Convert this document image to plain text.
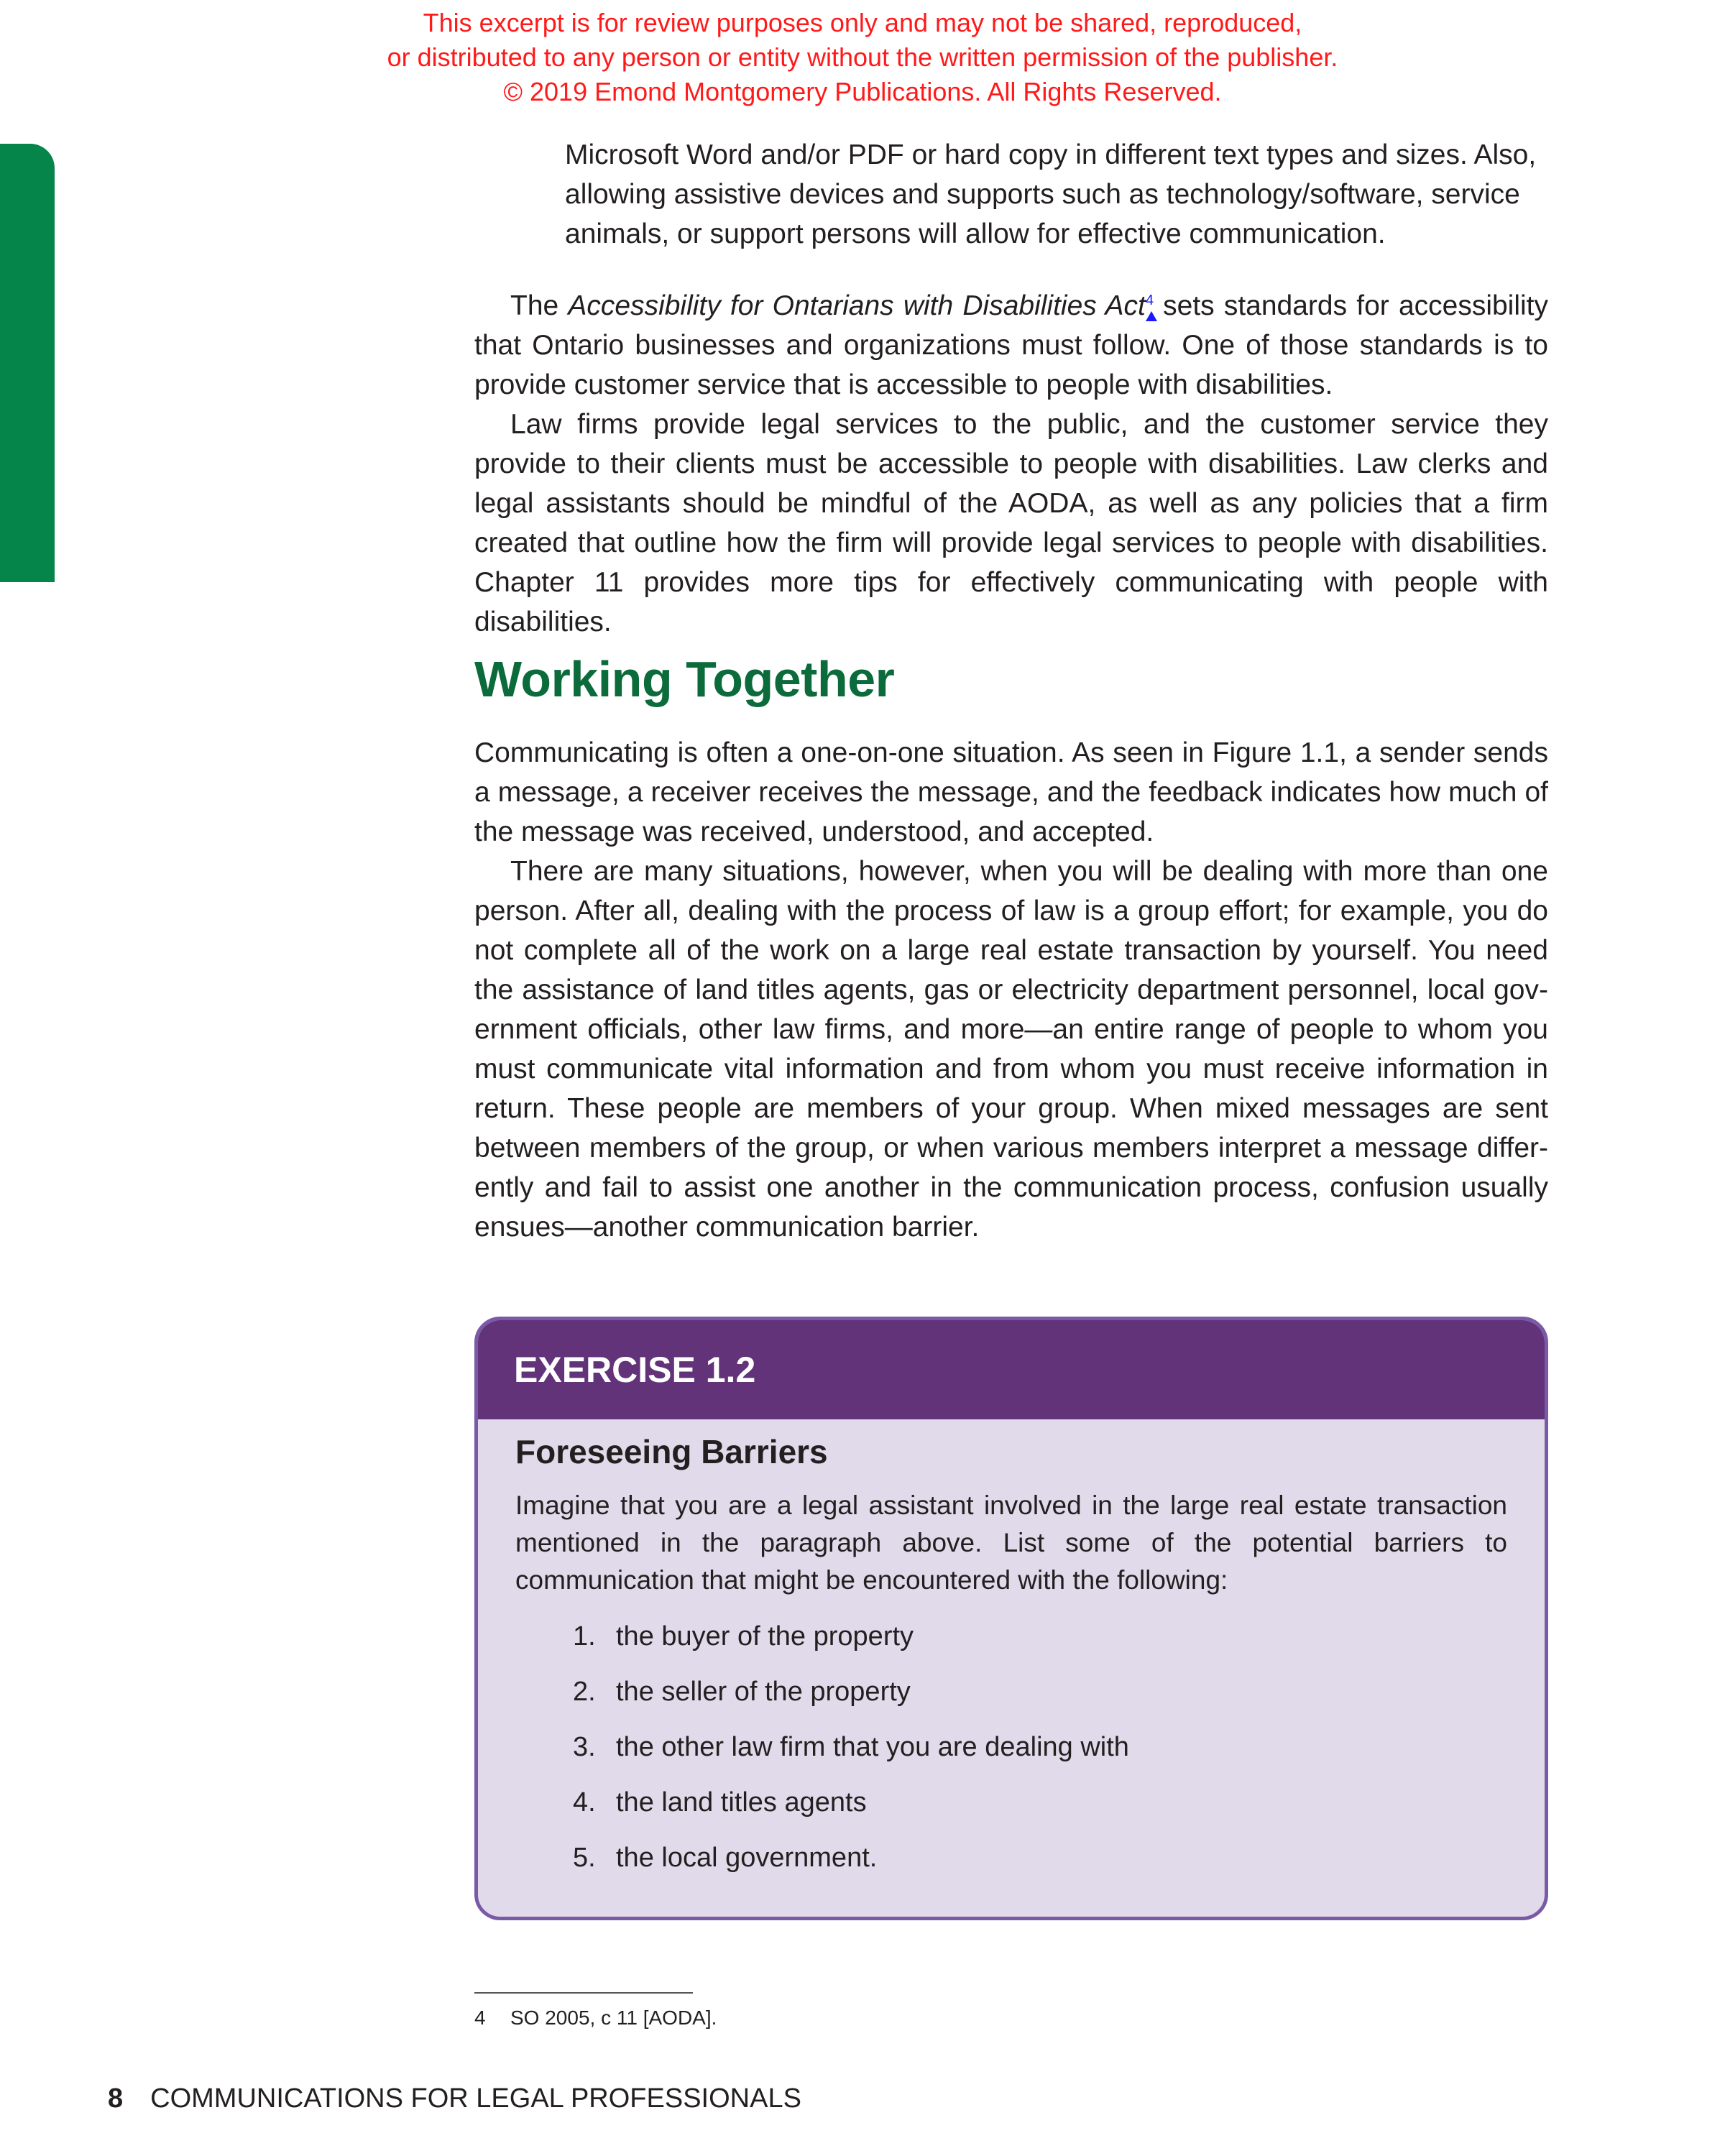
This excerpt is for review purposes only and may not be shared, reproduced,
or distributed to any person or entity without the written permission of the publisher.
© 2019 Emond Montgomery Publications. All Rights Reserved.

Microsoft Word and/or PDF or hard copy in different text types and sizes. Also, allowing assistive devices and supports such as technology/software, service animals, or support persons will allow for effective communication.

The Accessibility for Ontarians with Disabilities Act$^4$ sets standards for accessibility that Ontario businesses and organizations must follow. One of those standards is to provide customer service that is accessible to people with disabilities.

Law firms provide legal services to the public, and the customer service they provide to their clients must be accessible to people with disabilities. Law clerks and legal assistants should be mindful of the AODA, as well as any policies that a firm created that outline how the firm will provide legal services to people with disabilities. Chapter 11 provides more tips for effectively communicating with people with disabilities.

Working Together

Communicating is often a one-on-one situation. As seen in Figure 1.1, a sender sends a message, a receiver receives the message, and the feedback indicates how much of the message was received, understood, and accepted.

There are many situations, however, when you will be dealing with more than one person. After all, dealing with the process of law is a group effort; for example, you do not complete all of the work on a large real estate transaction by yourself. You need the assistance of land titles agents, gas or electricity department personnel, local government officials, other law firms, and more—an entire range of people to whom you must communicate vital information and from whom you must receive information in return. These people are members of your group. When mixed messages are sent between members of the group, or when various members interpret a message differently and fail to assist one another in the communication process, confusion usually ensues—another communication barrier.

EXERCISE 1.2
Foreseeing Barriers

Imagine that you are a legal assistant involved in the large real estate transaction mentioned in the paragraph above. List some of the potential barriers to communication that might be encountered with the following:

1. the buyer of the property
2. the seller of the property
3. the other law firm that you are dealing with
4. the land titles agents
5. the local government.
4 SO 2005, c 11 [AODA].
8 COMMUNICATIONS FOR LEGAL PROFESSIONALS
